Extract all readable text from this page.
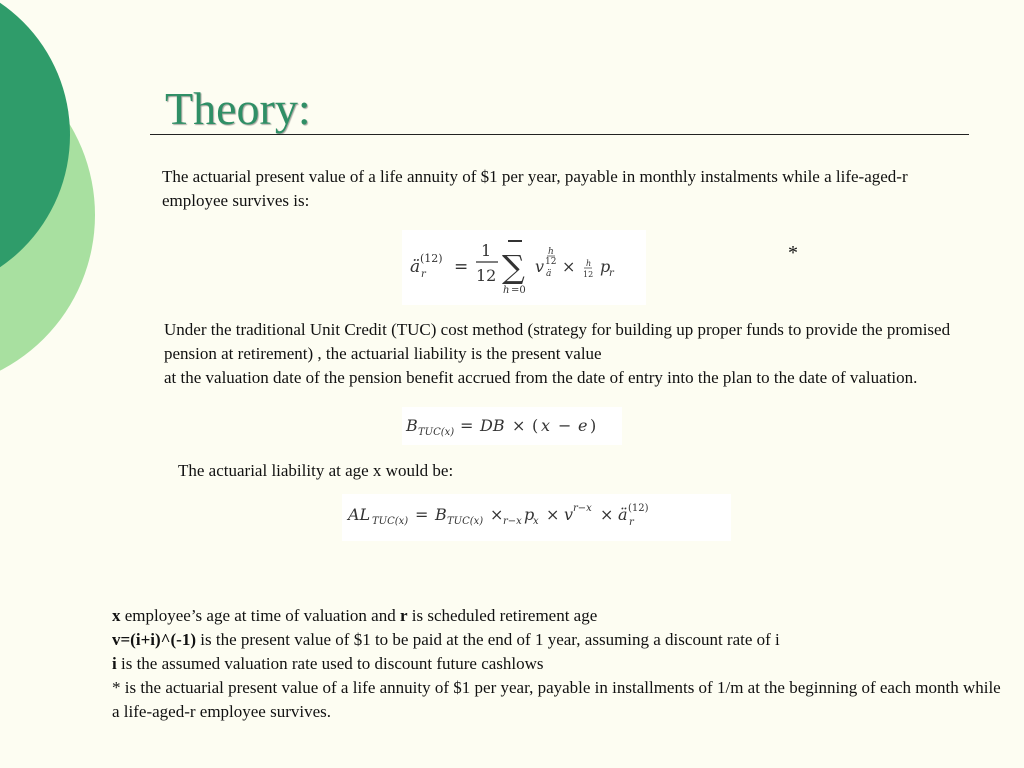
Theory:

The actuarial present value of a life annuity of $1 per year, payable in monthly instalments while a life-aged-r employee survives is:

ä (12)
r =
1
12 ∑
h =0
v
h
12
ä × h
12 p
r
*
Under the traditional Unit Credit (TUC) cost method (strategy for building up proper funds to provide the promised pension at retirement) , the actuarial liability is the present value
at the valuation date of the pension benefit accrued from the date of entry into the plan to the date of valuation.
B TUC(x) = DB × ( x − e )

The actuarial liability at age x would be:

AL TUC(x) = B TUC(x) × r−x p
x × v r−x × ä (12)
r
x employee’s age at time of valuation and r is scheduled retirement age
v=(i+i)^(-1) is the present value of $1 to be paid at the end of 1 year, assuming a discount rate of i
i is the assumed valuation rate used to discount future cashlows
* is the actuarial present value of a life annuity of $1 per year, payable in installments of 1/m at the beginning of each month while a life-aged-r employee survives.
